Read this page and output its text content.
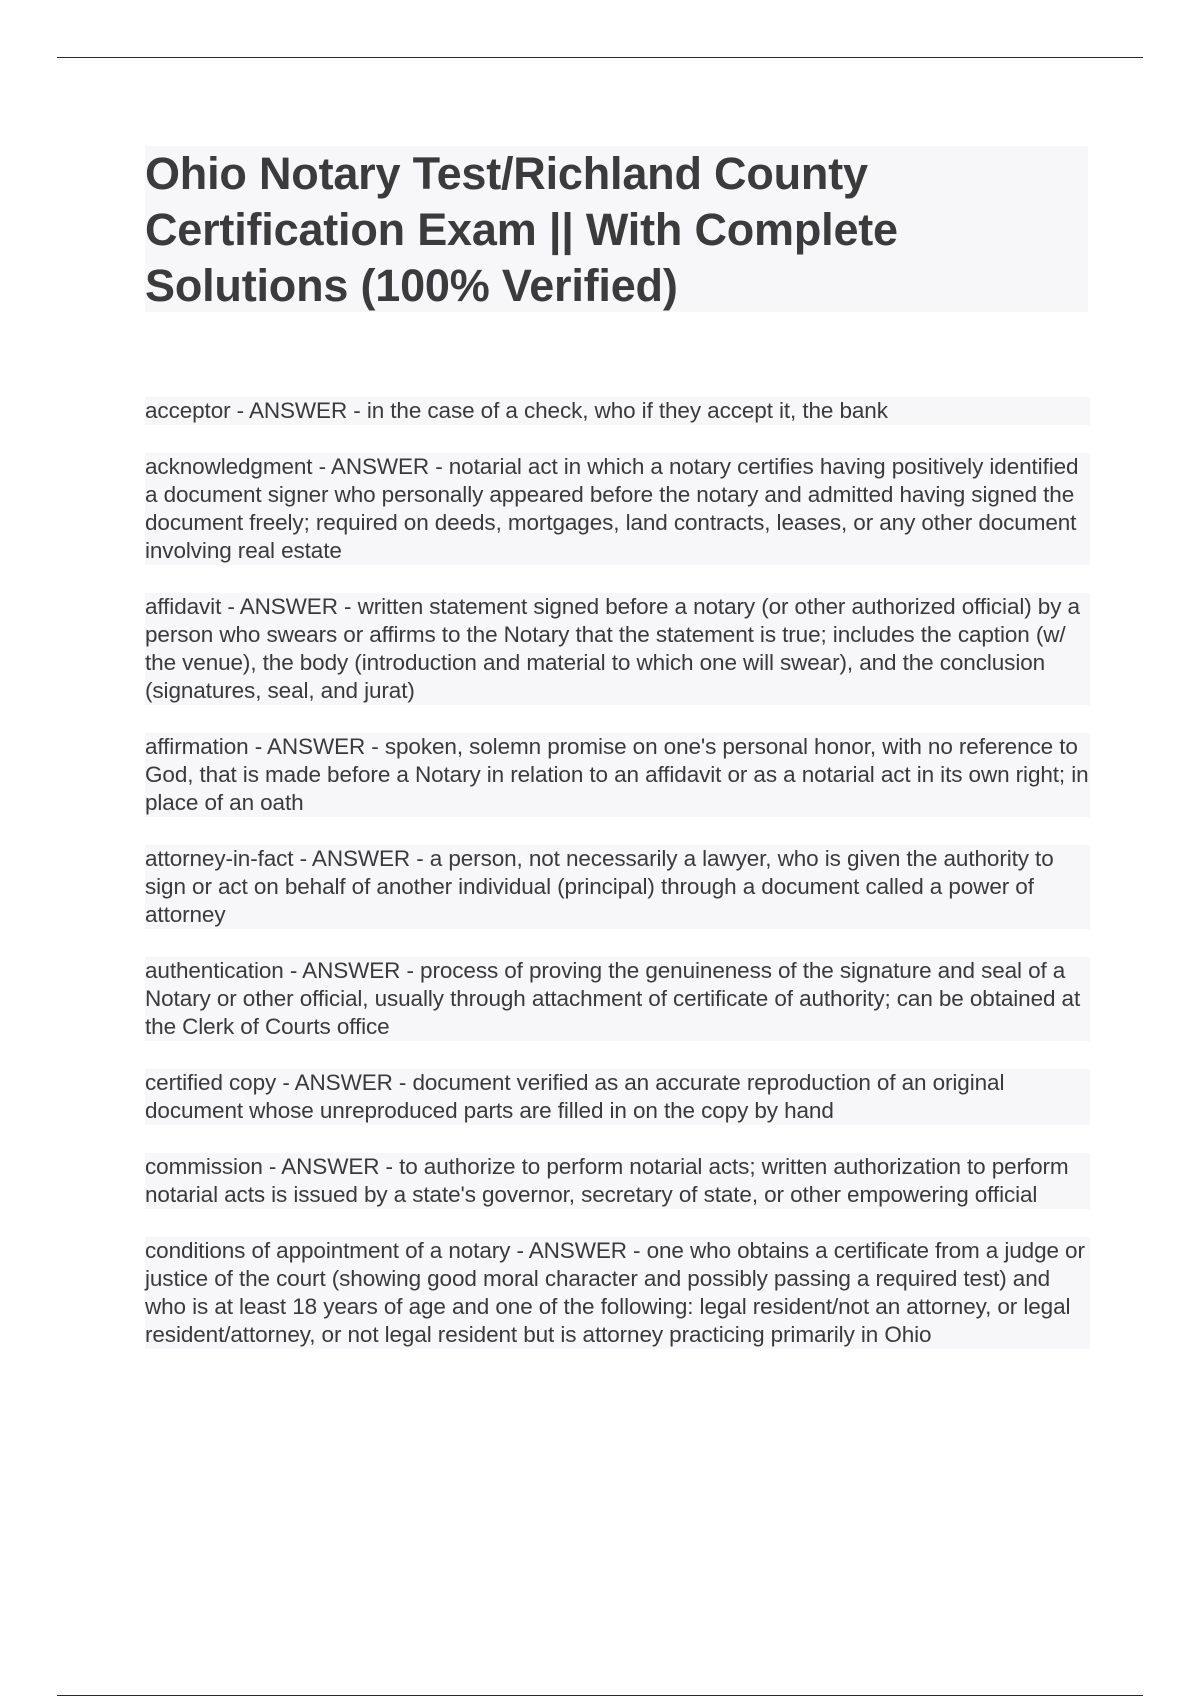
Ohio Notary Test/Richland County Certification Exam || With Complete Solutions (100% Verified)

acceptor - ANSWER - in the case of a check, who if they accept it, the bank

acknowledgment - ANSWER - notarial act in which a notary certifies having positively identified a document signer who personally appeared before the notary and admitted having signed the document freely; required on deeds, mortgages, land contracts, leases, or any other document involving real estate

affidavit - ANSWER - written statement signed before a notary (or other authorized official) by a person who swears or affirms to the Notary that the statement is true; includes the caption (w/ the venue), the body (introduction and material to which one will swear), and the conclusion (signatures, seal, and jurat)

affirmation - ANSWER - spoken, solemn promise on one's personal honor, with no reference to God, that is made before a Notary in relation to an affidavit or as a notarial act in its own right; in place of an oath

attorney-in-fact - ANSWER - a person, not necessarily a lawyer, who is given the authority to sign or act on behalf of another individual (principal) through a document called a power of attorney

authentication - ANSWER - process of proving the genuineness of the signature and seal of a Notary or other official, usually through attachment of certificate of authority; can be obtained at the Clerk of Courts office

certified copy - ANSWER - document verified as an accurate reproduction of an original document whose unreproduced parts are filled in on the copy by hand

commission - ANSWER - to authorize to perform notarial acts; written authorization to perform notarial acts is issued by a state's governor, secretary of state, or other empowering official

conditions of appointment of a notary - ANSWER - one who obtains a certificate from a judge or justice of the court (showing good moral character and possibly passing a required test) and who is at least 18 years of age and one of the following: legal resident/not an attorney, or legal resident/attorney, or not legal resident but is attorney practicing primarily in Ohio
